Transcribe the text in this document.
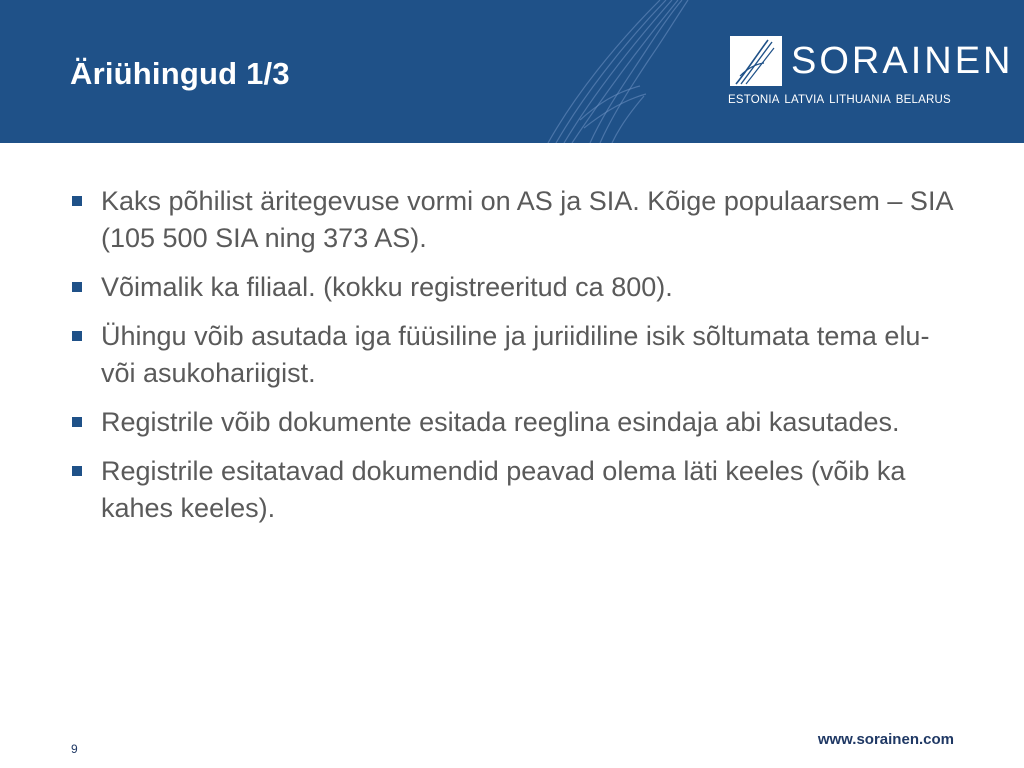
Äriühingud 1/3	SORAINEN
ESTONIA LATVIA LITHUANIA BELARUS
Kaks põhilist äritegevuse vormi on AS ja SIA. Kõige populaarsem – SIA (105 500 SIA ning 373 AS).
Võimalik ka filiaal. (kokku registreeritud ca 800).
Ühingu võib asutada iga füüsiline ja juriidiline isik sõltumata tema elu- või asukohariigist.
Registrile võib dokumente esitada reeglina esindaja abi kasutades.
Registrile esitatavad dokumendid peavad olema läti keeles (võib ka kahes keeles).
9
www.sorainen.com
